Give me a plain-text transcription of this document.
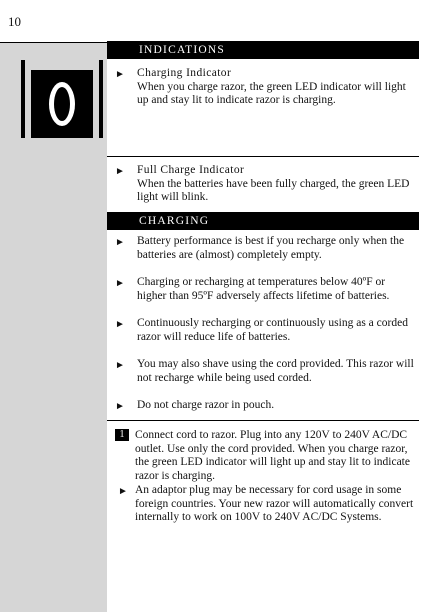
10
INDICATIONS
► Charging Indicator
When you charge razor, the green LED indicator will light up and stay lit to indicate razor is charging.
► Full Charge Indicator
When the batteries have been fully charged, the green LED light will blink.
CHARGING
► Battery performance is best if you recharge only when the batteries are (almost) completely empty.
► Charging or recharging at temperatures below 40ºF or higher than 95ºF adversely affects lifetime of batteries.
► Continuously recharging or continuously using as a corded razor will reduce life of batteries.
► You may also shave using the cord provided. This razor will not recharge while being used corded.
► Do not charge razor in pouch.
1 Connect cord to razor. Plug into any 120V to 240V AC/DC outlet. Use only the cord provided. When you charge razor, the green LED indicator will light up and stay lit to indicate razor is charging.
► An adaptor plug may be necessary for cord usage in some foreign countries. Your new razor will automatically convert internally to work on 100V to 240V AC/DC Systems.
